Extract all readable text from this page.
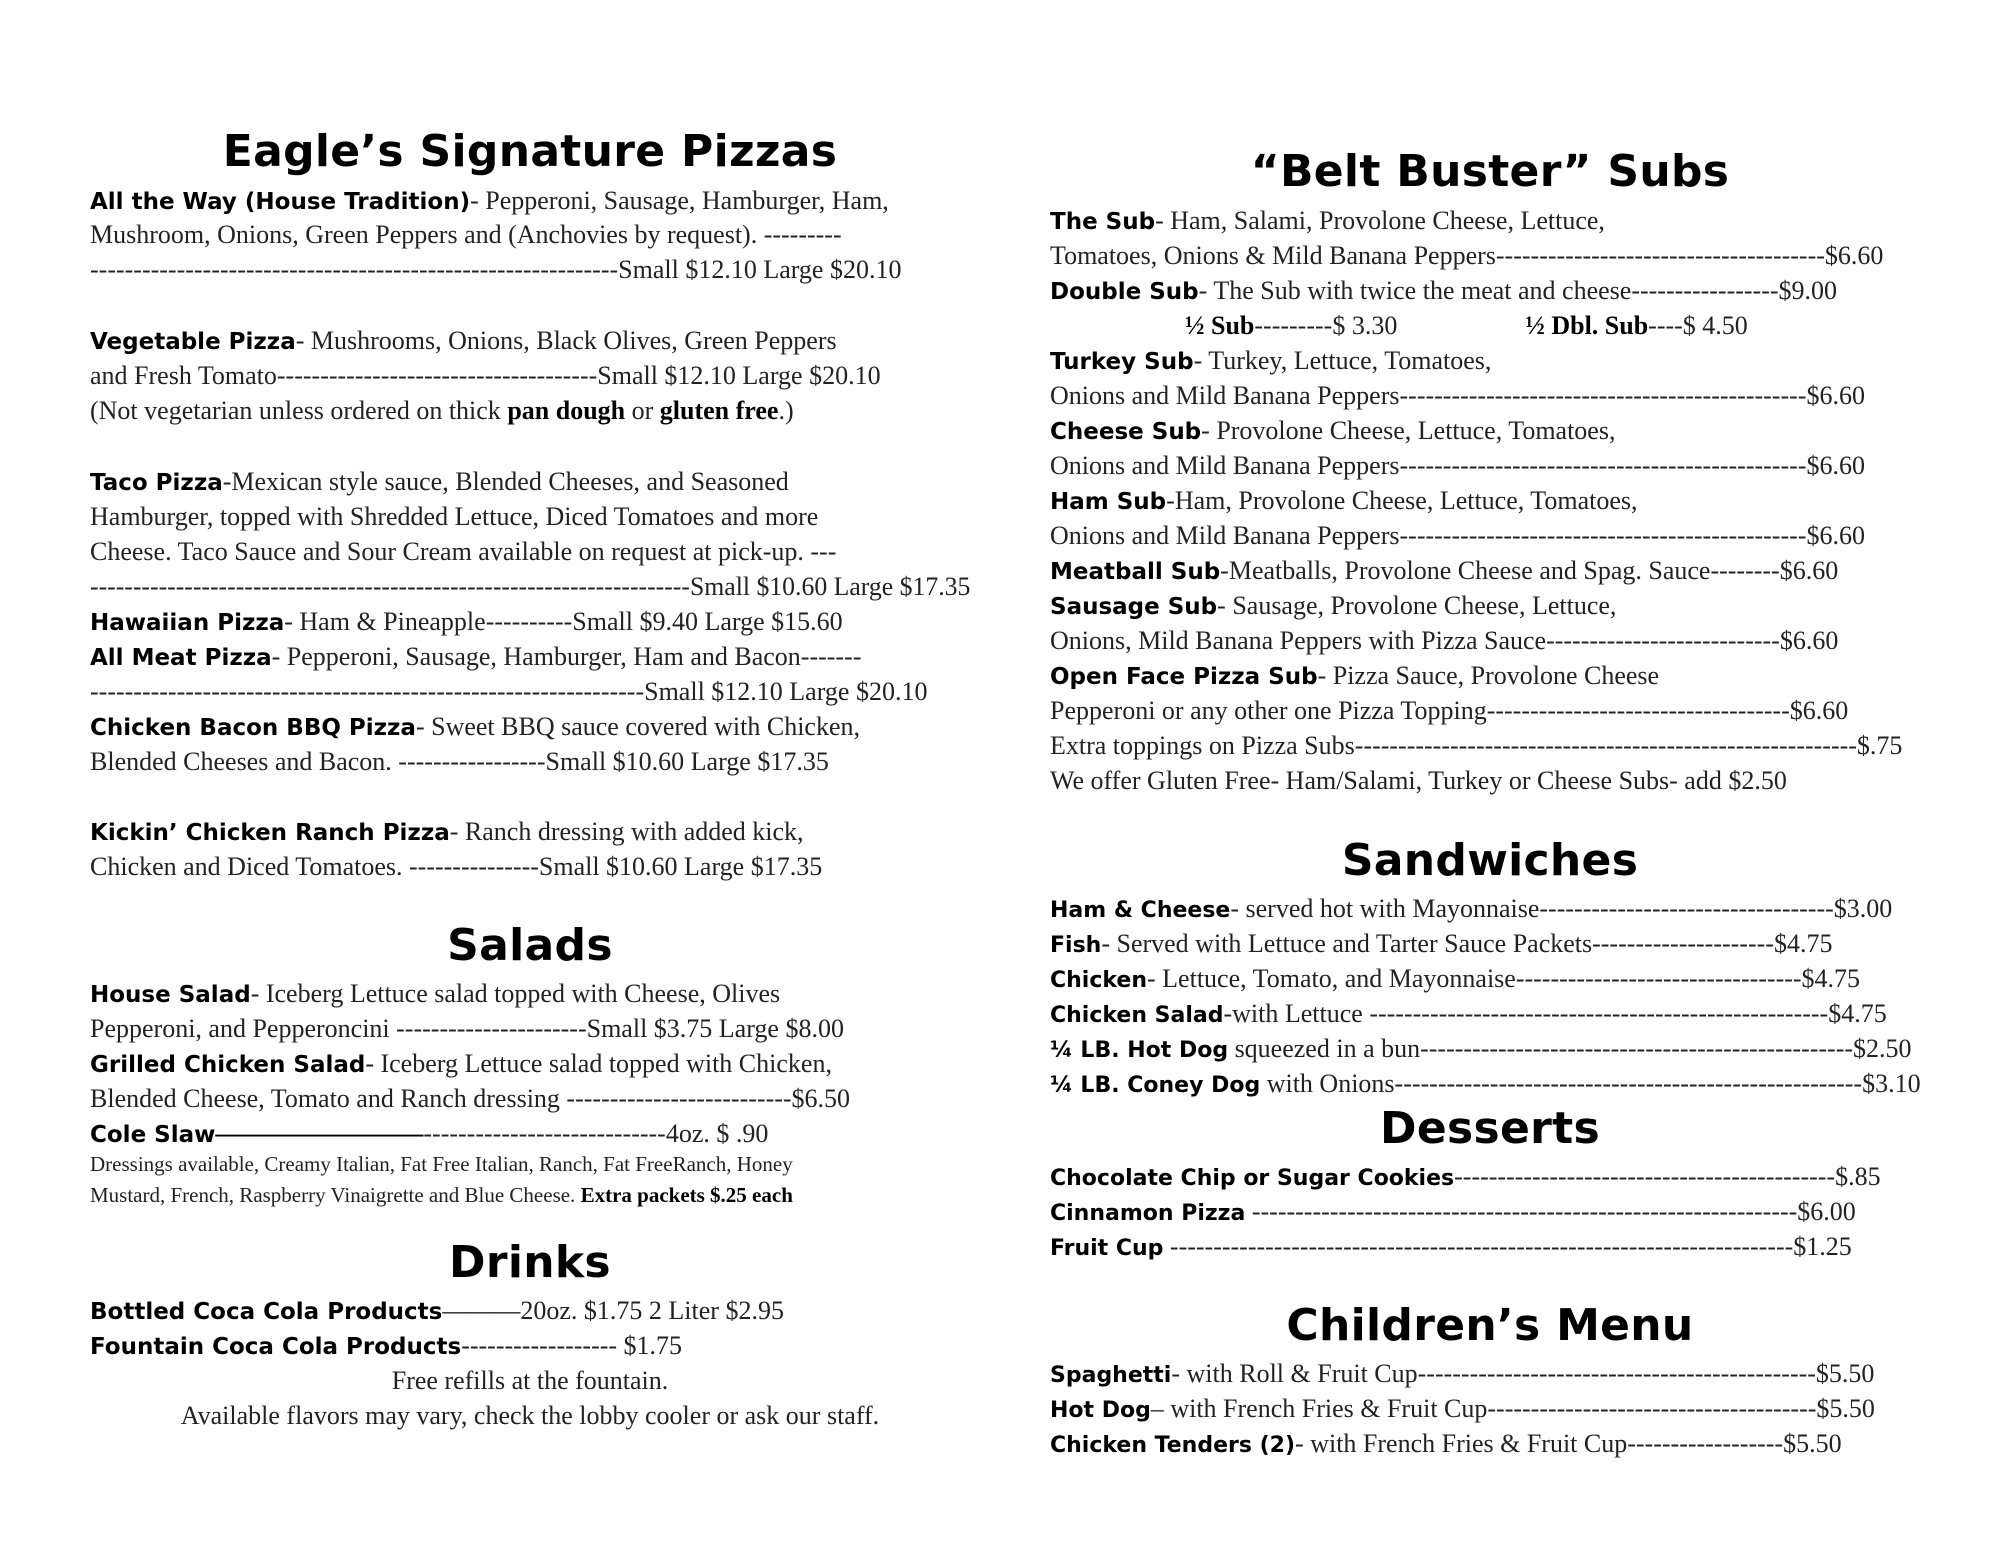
Eagle’s Signature Pizzas
All the Way (House Tradition)- Pepperoni, Sausage, Hamburger, Ham,
Mushroom, Onions, Green Peppers and (Anchovies by request). ---------
-------------------------------------------------------------Small $12.10 Large $20.10
Vegetable Pizza- Mushrooms, Onions, Black Olives, Green Peppers
and Fresh Tomato-------------------------------------Small $12.10 Large $20.10
(Not vegetarian unless ordered on thick pan dough or gluten free.)
Taco Pizza-Mexican style sauce, Blended Cheeses, and Seasoned
Hamburger, topped with Shredded Lettuce, Diced Tomatoes and more
Cheese. Taco Sauce and Sour Cream available on request at pick-up. ---
----------------------------------------------------------------------Small $10.60 Large $17.35
Hawaiian Pizza- Ham & Pineapple----------Small $9.40 Large $15.60
All Meat Pizza- Pepperoni, Sausage, Hamburger, Ham and Bacon-------
----------------------------------------------------------------Small $12.10 Large $20.10
Chicken Bacon BBQ Pizza- Sweet BBQ sauce covered with Chicken,
Blended Cheeses and Bacon. -----------------Small $10.60 Large $17.35
Kickin’ Chicken Ranch Pizza- Ranch dressing with added kick,
Chicken and Diced Tomatoes. ---------------Small $10.60 Large $17.35
Salads
House Salad- Iceberg Lettuce salad topped with Cheese, Olives
Pepperoni, and Pepperoncini ----------------------Small $3.75 Large $8.00
Grilled Chicken Salad- Iceberg Lettuce salad topped with Chicken,
Blended Cheese, Tomato and Ranch dressing --------------------------$6.50
Cole Slaw————————----------------------------4oz. $ .90
Dressings available, Creamy Italian, Fat Free Italian, Ranch, Fat FreeRanch, Honey
Mustard, French, Raspberry Vinaigrette and Blue Cheese. Extra packets $.25 each
Drinks
Bottled Coca Cola Products———20oz. $1.75 2 Liter $2.95
Fountain Coca Cola Products------------------ $1.75
Free refills at the fountain.
Available flavors may vary, check the lobby cooler or ask our staff.
“Belt Buster” Subs
The Sub- Ham, Salami, Provolone Cheese, Lettuce,
Tomatoes, Onions & Mild Banana Peppers--------------------------------------$6.60
Double Sub- The Sub with twice the meat and cheese-----------------$9.00
½ Sub---------$ 3.30	½ Dbl. Sub----$ 4.50
Turkey Sub- Turkey, Lettuce, Tomatoes,
Onions and Mild Banana Peppers-----------------------------------------------$6.60
Cheese Sub- Provolone Cheese, Lettuce, Tomatoes,
Onions and Mild Banana Peppers-----------------------------------------------$6.60
Ham Sub-Ham, Provolone Cheese, Lettuce, Tomatoes,
Onions and Mild Banana Peppers-----------------------------------------------$6.60
Meatball Sub-Meatballs, Provolone Cheese and Spag. Sauce--------$6.60
Sausage Sub- Sausage, Provolone Cheese, Lettuce,
Onions, Mild Banana Peppers with Pizza Sauce---------------------------$6.60
Open Face Pizza Sub- Pizza Sauce, Provolone Cheese
Pepperoni or any other one Pizza Topping-----------------------------------$6.60
Extra toppings on Pizza Subs----------------------------------------------------------$.75
We offer Gluten Free- Ham/Salami, Turkey or Cheese Subs- add $2.50
Sandwiches
Ham & Cheese- served hot with Mayonnaise----------------------------------$3.00
Fish- Served with Lettuce and Tarter Sauce Packets---------------------$4.75
Chicken- Lettuce, Tomato, and Mayonnaise---------------------------------$4.75
Chicken Salad-with Lettuce -----------------------------------------------------$4.75
¼ LB. Hot Dog squeezed in a bun--------------------------------------------------$2.50
¼ LB. Coney Dog with Onions------------------------------------------------------$3.10
Desserts
Chocolate Chip or Sugar Cookies--------------------------------------------$.85
Cinnamon Pizza ---------------------------------------------------------------$6.00
Fruit Cup ------------------------------------------------------------------------$1.25
Children’s Menu
Spaghetti- with Roll & Fruit Cup----------------------------------------------$5.50
Hot Dog– with French Fries & Fruit Cup--------------------------------------$5.50
Chicken Tenders (2)- with French Fries & Fruit Cup------------------$5.50
